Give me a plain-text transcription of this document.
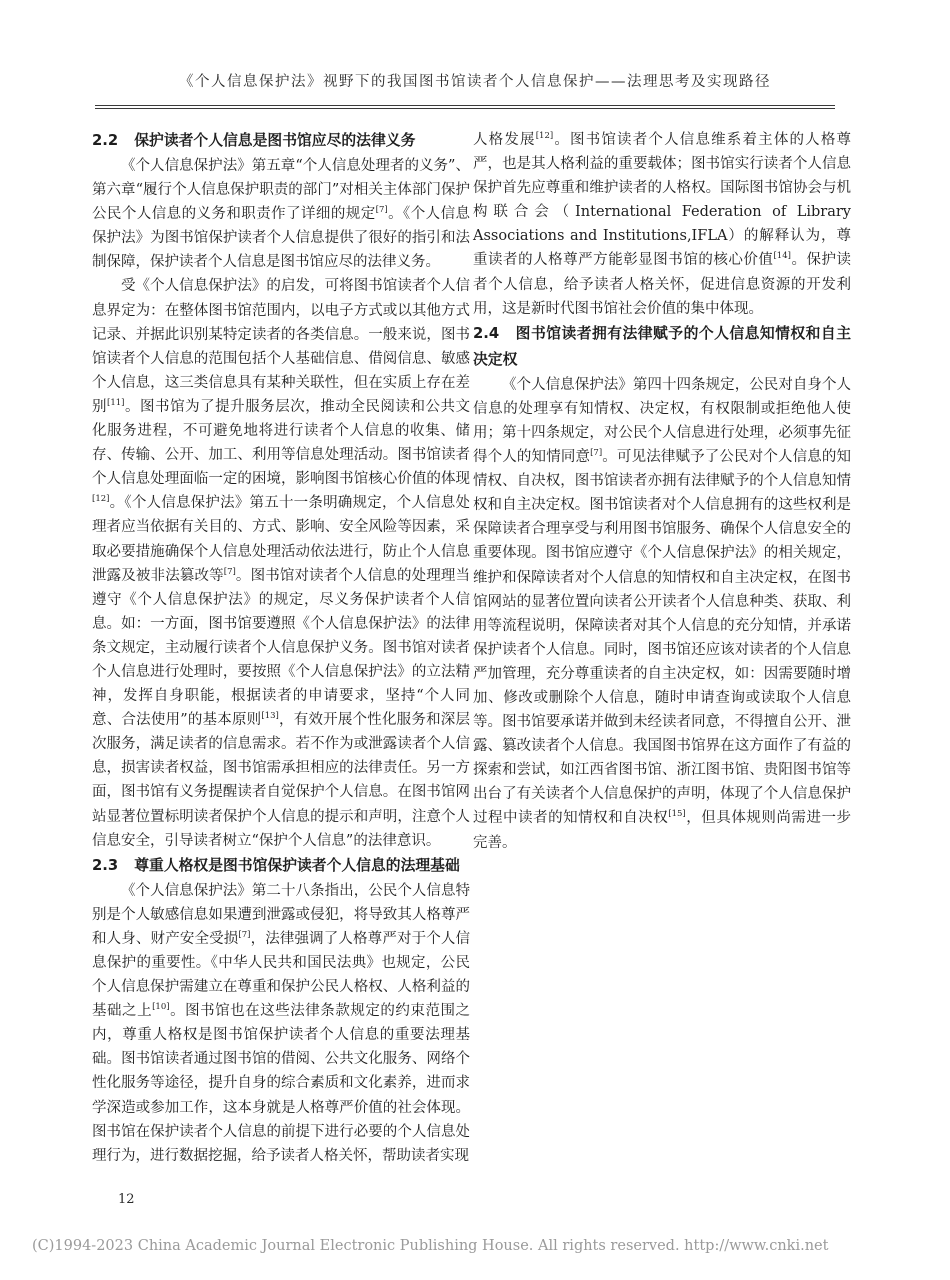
《个人信息保护法》视野下的我国图书馆读者个人信息保护——法理思考及实现路径
2.2 保护读者个人信息是图书馆应尽的法律义务

《个人信息保护法》第五章“个人信息处理者的义务”、第六章“履行个人信息保护职责的部门”对相关主体部门保护公民个人信息的义务和职责作了详细的规定[7]。《个人信息保护法》为图书馆保护读者个人信息提供了很好的指引和法制保障，保护读者个人信息是图书馆应尽的法律义务。

受《个人信息保护法》的启发，可将图书馆读者个人信息界定为：在整体图书馆范围内，以电子方式或以其他方式记录、并据此识别某特定读者的各类信息。一般来说，图书馆读者个人信息的范围包括个人基础信息、借阅信息、敏感个人信息，这三类信息具有某种关联性，但在实质上存在差别[11]。图书馆为了提升服务层次，推动全民阅读和公共文化服务进程，不可避免地将进行读者个人信息的收集、储存、传输、公开、加工、利用等信息处理活动。图书馆读者个人信息处理面临一定的困境，影响图书馆核心价值的体现[12]。《个人信息保护法》第五十一条明确规定，个人信息处理者应当依据有关目的、方式、影响、安全风险等因素，采取必要措施确保个人信息处理活动依法进行，防止个人信息泄露及被非法篡改等[7]。图书馆对读者个人信息的处理理当遵守《个人信息保护法》的规定，尽义务保护读者个人信息。如：一方面，图书馆要遵照《个人信息保护法》的法律条文规定，主动履行读者个人信息保护义务。图书馆对读者个人信息进行处理时，要按照《个人信息保护法》的立法精神，发挥自身职能，根据读者的申请要求，坚持“个人同意、合法使用”的基本原则[13]，有效开展个性化服务和深层次服务，满足读者的信息需求。若不作为或泄露读者个人信息，损害读者权益，图书馆需承担相应的法律责任。另一方面，图书馆有义务提醒读者自觉保护个人信息。在图书馆网站显著位置标明读者保护个人信息的提示和声明，注意个人信息安全，引导读者树立“保护个人信息”的法律意识。

2.3 尊重人格权是图书馆保护读者个人信息的法理基础

《个人信息保护法》第二十八条指出，公民个人信息特别是个人敏感信息如果遭到泄露或侵犯，将导致其人格尊严和人身、财产安全受损[7]，法律强调了人格尊严对于个人信息保护的重要性。《中华人民共和国民法典》也规定，公民个人信息保护需建立在尊重和保护公民人格权、人格利益的基础之上[10]。图书馆也在这些法律条款规定的约束范围之内，尊重人格权是图书馆保护读者个人信息的重要法理基础。图书馆读者通过图书馆的借阅、公共文化服务、网络个性化服务等途径，提升自身的综合素质和文化素养，进而求学深造或参加工作，这本身就是人格尊严价值的社会体现。图书馆在保护读者个人信息的前提下进行必要的个人信息处理行为，进行数据挖掘，给予读者人格关怀，帮助读者实现

人格发展[12]。图书馆读者个人信息维系着主体的人格尊严，也是其人格利益的重要载体；图书馆实行读者个人信息保护首先应尊重和维护读者的人格权。国际图书馆协会与机构联合会（International Federation of Library Associations and Institutions,IFLA）的解释认为，尊重读者的人格尊严方能彰显图书馆的核心价值[14]。保护读者个人信息，给予读者人格关怀，促进信息资源的开发利用，这是新时代图书馆社会价值的集中体现。

2.4 图书馆读者拥有法律赋予的个人信息知情权和自主决定权

《个人信息保护法》第四十四条规定，公民对自身个人信息的处理享有知情权、决定权，有权限制或拒绝他人使用；第十四条规定，对公民个人信息进行处理，必须事先征得个人的知情同意[7]。可见法律赋予了公民对个人信息的知情权、自决权，图书馆读者亦拥有法律赋予的个人信息知情权和自主决定权。图书馆读者对个人信息拥有的这些权利是保障读者合理享受与利用图书馆服务、确保个人信息安全的重要体现。图书馆应遵守《个人信息保护法》的相关规定，维护和保障读者对个人信息的知情权和自主决定权，在图书馆网站的显著位置向读者公开读者个人信息种类、获取、利用等流程说明，保障读者对其个人信息的充分知情，并承诺保护读者个人信息。同时，图书馆还应该对读者的个人信息严加管理，充分尊重读者的自主决定权，如：因需要随时增加、修改或删除个人信息，随时申请查询或读取个人信息等。图书馆要承诺并做到未经读者同意，不得擅自公开、泄露、篡改读者个人信息。我国图书馆界在这方面作了有益的探索和尝试，如江西省图书馆、浙江图书馆、贵阳图书馆等出台了有关读者个人信息保护的声明，体现了个人信息保护过程中读者的知情权和自决权[15]，但具体规则尚需进一步完善。

12
(C)1994-2023 China Academic Journal Electronic Publishing House. All rights reserved. http://www.cnki.net
